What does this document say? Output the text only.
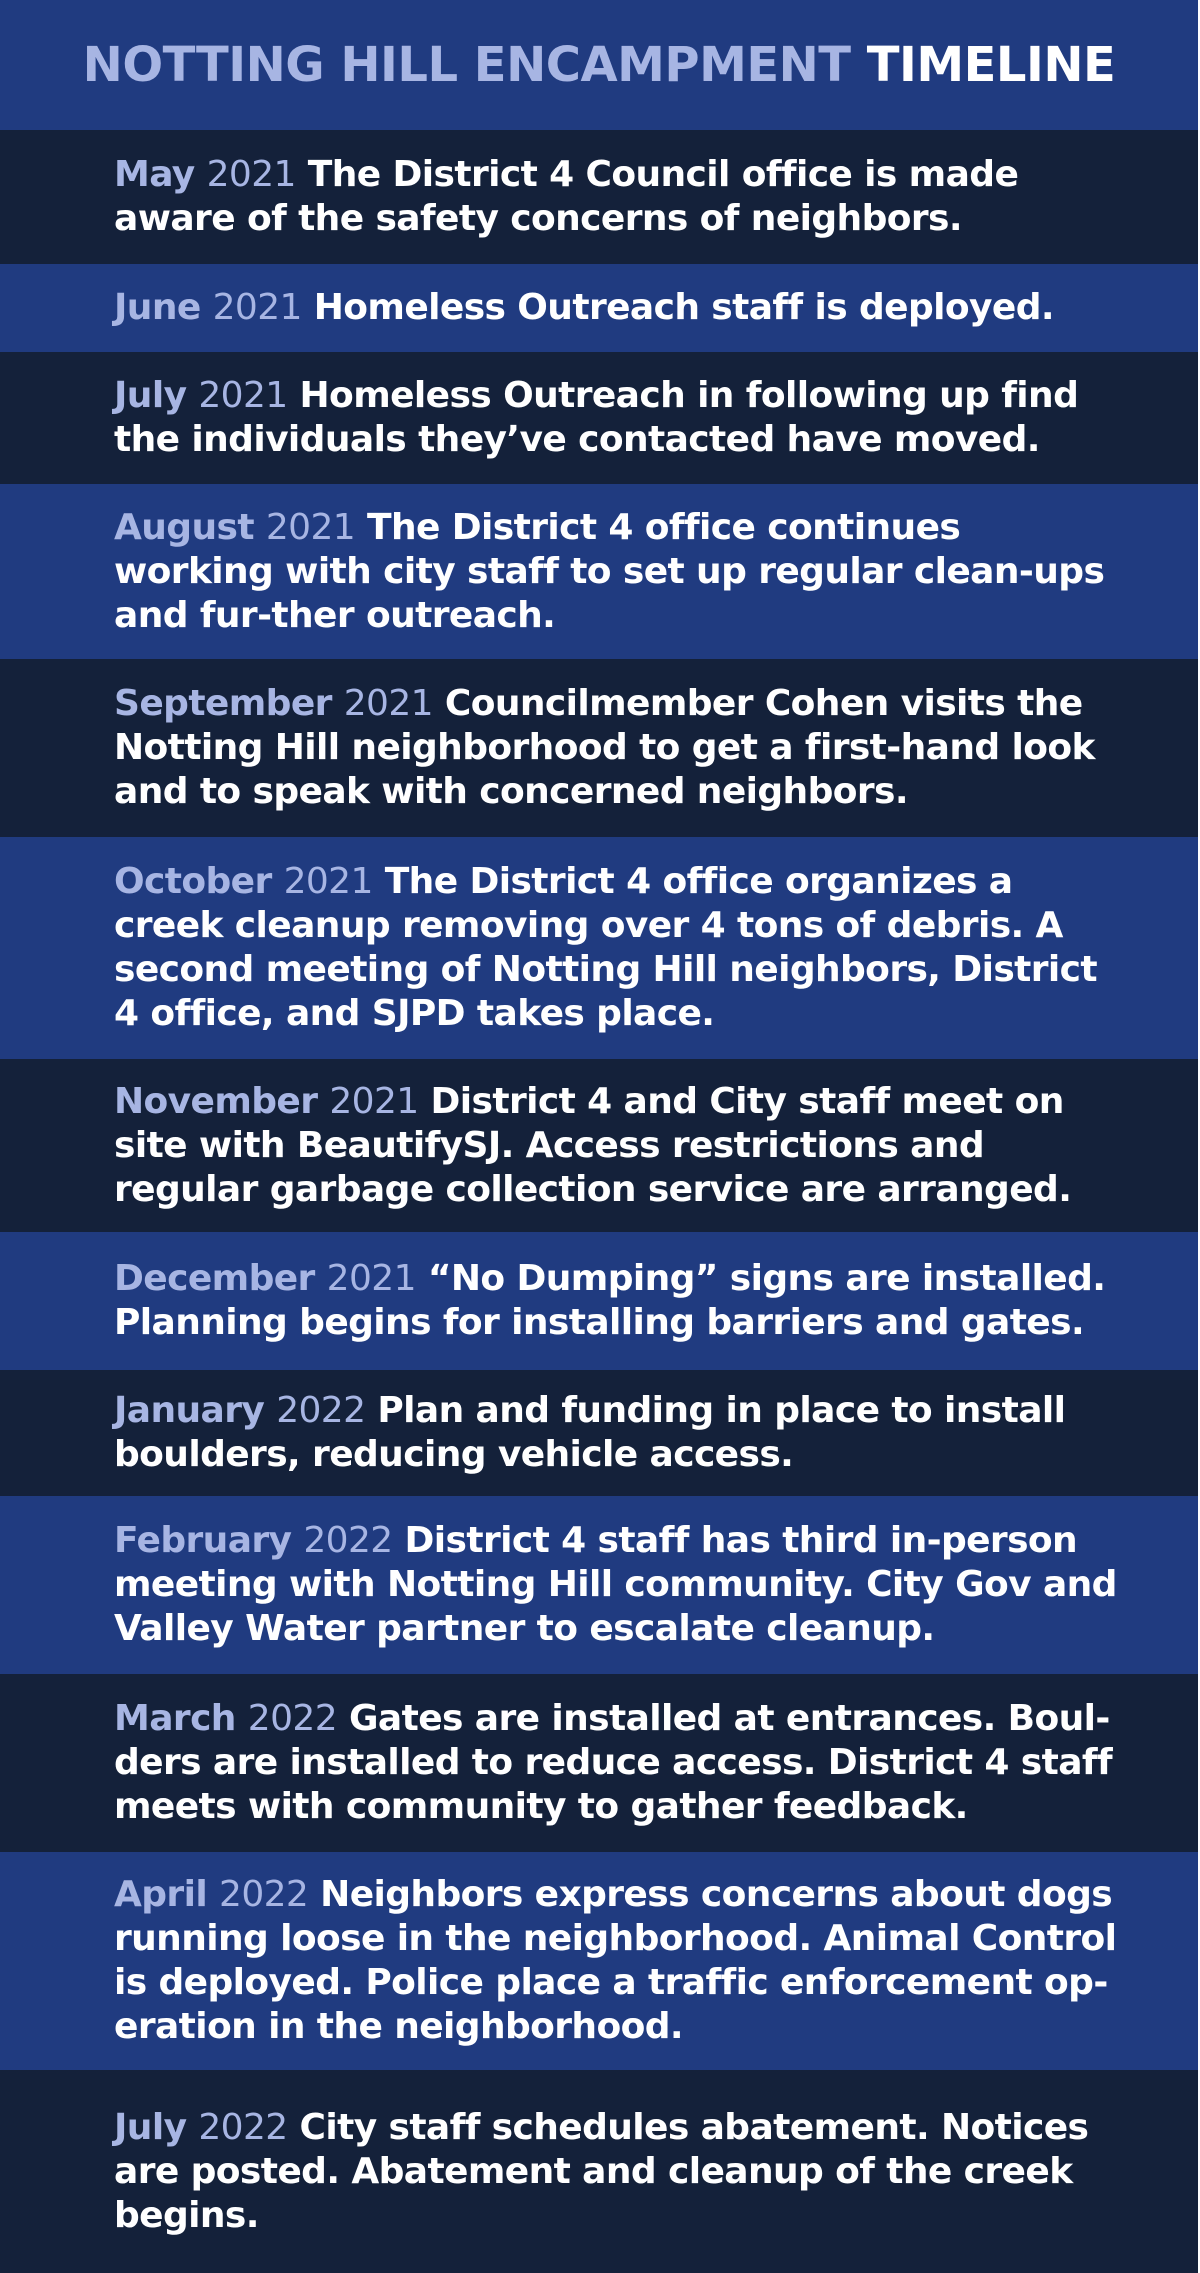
NOTTING HILL ENCAMPMENT TIMELINE

May 2021 The District 4 Council office is made aware of the safety concerns of neighbors.

June 2021 Homeless Outreach staff is deployed.

July 2021 Homeless Outreach in following up find the individuals they’ve contacted have moved.

August 2021 The District 4 office continues working with city staff to set up regular clean-ups and fur-ther outreach.

September 2021 Councilmember Cohen visits the Notting Hill neighborhood to get a first-hand look and to speak with concerned neighbors.

October 2021 The District 4 office organizes a creek cleanup removing over 4 tons of debris. A second meeting of Notting Hill neighbors, District 4 office, and SJPD takes place.

November 2021 District 4 and City staff meet on site with BeautifySJ. Access restrictions and regular garbage collection service are arranged.

December 2021 “No Dumping” signs are installed. Planning begins for installing barriers and gates.

January 2022 Plan and funding in place to install boulders, reducing vehicle access.

February 2022 District 4 staff has third in-person meeting with Notting Hill community. City Gov and Valley Water partner to escalate cleanup.

March 2022 Gates are installed at entrances. Boul-ders are installed to reduce access. District 4 staff meets with community to gather feedback.

April 2022 Neighbors express concerns about dogs running loose in the neighborhood. Animal Control is deployed. Police place a traffic enforcement op-eration in the neighborhood.

July 2022 City staff schedules abatement. Notices are posted. Abatement and cleanup of the creek begins.
